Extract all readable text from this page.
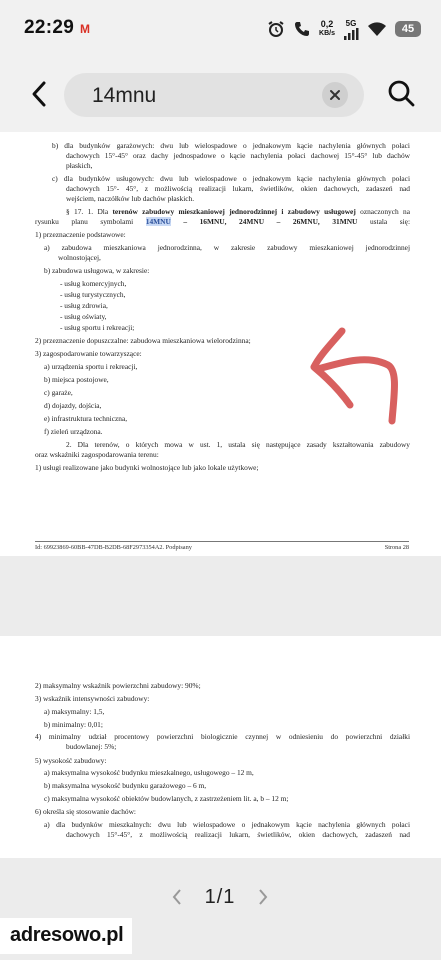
22:29 M	0,2
KB/s
5G	45
14mnu
b) dla budynków garażowych: dwu lub wielospadowe o jednakowym kącie nachylenia głównych połaci
dachowych 15°-45° oraz dachy jednospadowe o kącie nachylenia połaci dachowej 15°-45° lub dachów
płaskich,
c) dla budynków usługowych: dwu lub wielospadowe o jednakowym kącie nachylenia głównych połaci
dachowych 15°- 45°, z możliwością realizacji lukarn, świetlików, okien dachowych, zadaszeń nad
wejściem, naczółków lub dachów płaskich.
§ 17. 1. Dla terenów zabudowy mieszkaniowej jednorodzinnej i zabudowy usługowej oznaczonych na
rysunku planu symbolami 14MNU – 16MNU, 24MNU – 26MNU, 31MNU ustala się:
1) przeznaczenie podstawowe:
a) zabudowa mieszkaniowa jednorodzinna, w zakresie zabudowy mieszkaniowej jednorodzinnej
wolnostojącej,
b) zabudowa usługowa, w zakresie:
- usług komercyjnych,
- usług turystycznych,
- usług zdrowia,
- usług oświaty,
- usług sportu i rekreacji;
2) przeznaczenie dopuszczalne: zabudowa mieszkaniowa wielorodzinna;
3) zagospodarowanie towarzyszące:
a) urządzenia sportu i rekreacji,
b) miejsca postojowe,
c) garaże,
d) dojazdy, dojścia,
e) infrastruktura techniczna,
f) zieleń urządzona.
2. Dla terenów, o których mowa w ust. 1, ustala się następujące zasady kształtowania zabudowy
oraz wskaźniki zagospodarowania terenu:
1) usługi realizowane jako budynki wolnostojące lub jako lokale użytkowe;
Id: 69923869-60BB-47DB-B2DB-68F2973354A2. Podpisany	Strona 28
2) maksymalny wskaźnik powierzchni zabudowy: 90%;
3) wskaźnik intensywności zabudowy:
a) maksymalny: 1,5,
b) minimalny: 0,01;
4) minimalny udział procentowy powierzchni biologicznie czynnej w odniesieniu do powierzchni działki
budowlanej: 5%;
5) wysokość zabudowy:
a) maksymalna wysokość budynku mieszkalnego, usługowego – 12 m,
b) maksymalna wysokość budynku garażowego – 6 m,
c) maksymalna wysokość obiektów budowlanych, z zastrzeżeniem lit. a, b – 12 m;
6) określa się stosowanie dachów:
a) dla budynków mieszkalnych: dwu lub wielospadowe o jednakowym kącie nachylenia głównych połaci
dachowych 15°-45°, z możliwością realizacji lukarn, świetlików, okien dachowych, zadaszeń nad
1/1
adresowo.pl
